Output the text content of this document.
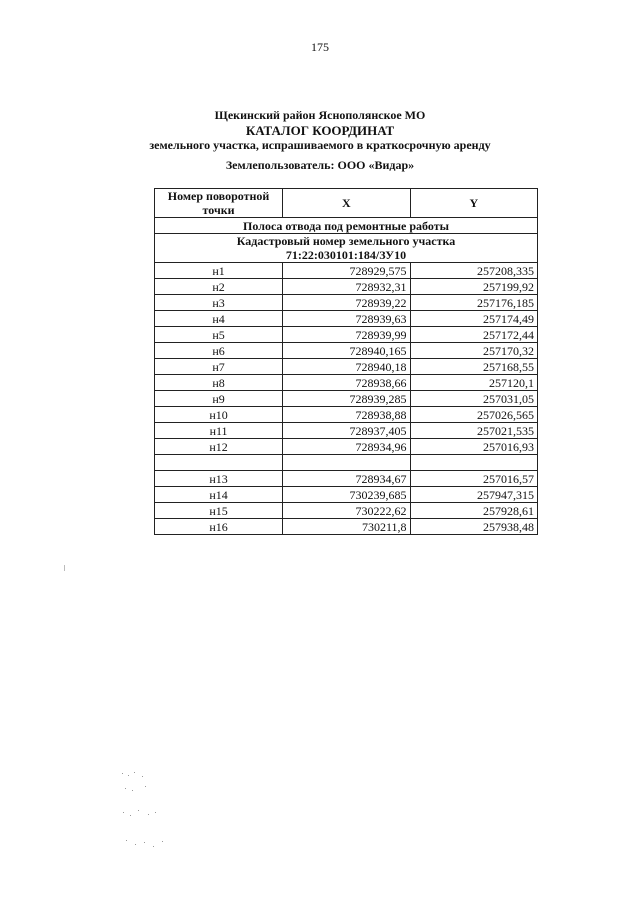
175
Щекинский район Яснополянское МО
КАТАЛОГ КООРДИНАТ
земельного участка, испрашиваемого в краткосрочную аренду
Землепользователь: ООО «Видар»
Номер поворотной точки	X	Y
Полоса отвода под ремонтные работы		
Кадастровый номер земельного участка
71:22:030101:184/ЗУ10		
н1	728929,575	257208,335
н2	728932,31	257199,92
н3	728939,22	257176,185
н4	728939,63	257174,49
н5	728939,99	257172,44
н6	728940,165	257170,32
н7	728940,18	257168,55
н8	728938,66	257120,1
н9	728939,285	257031,05
н10	728938,88	257026,565
н11	728937,405	257021,535
н12	728934,96	257016,93

н13	728934,67	257016,57
н14	730239,685	257947,315
н15	730222,62	257928,61
н16	730211,8	257938,48
